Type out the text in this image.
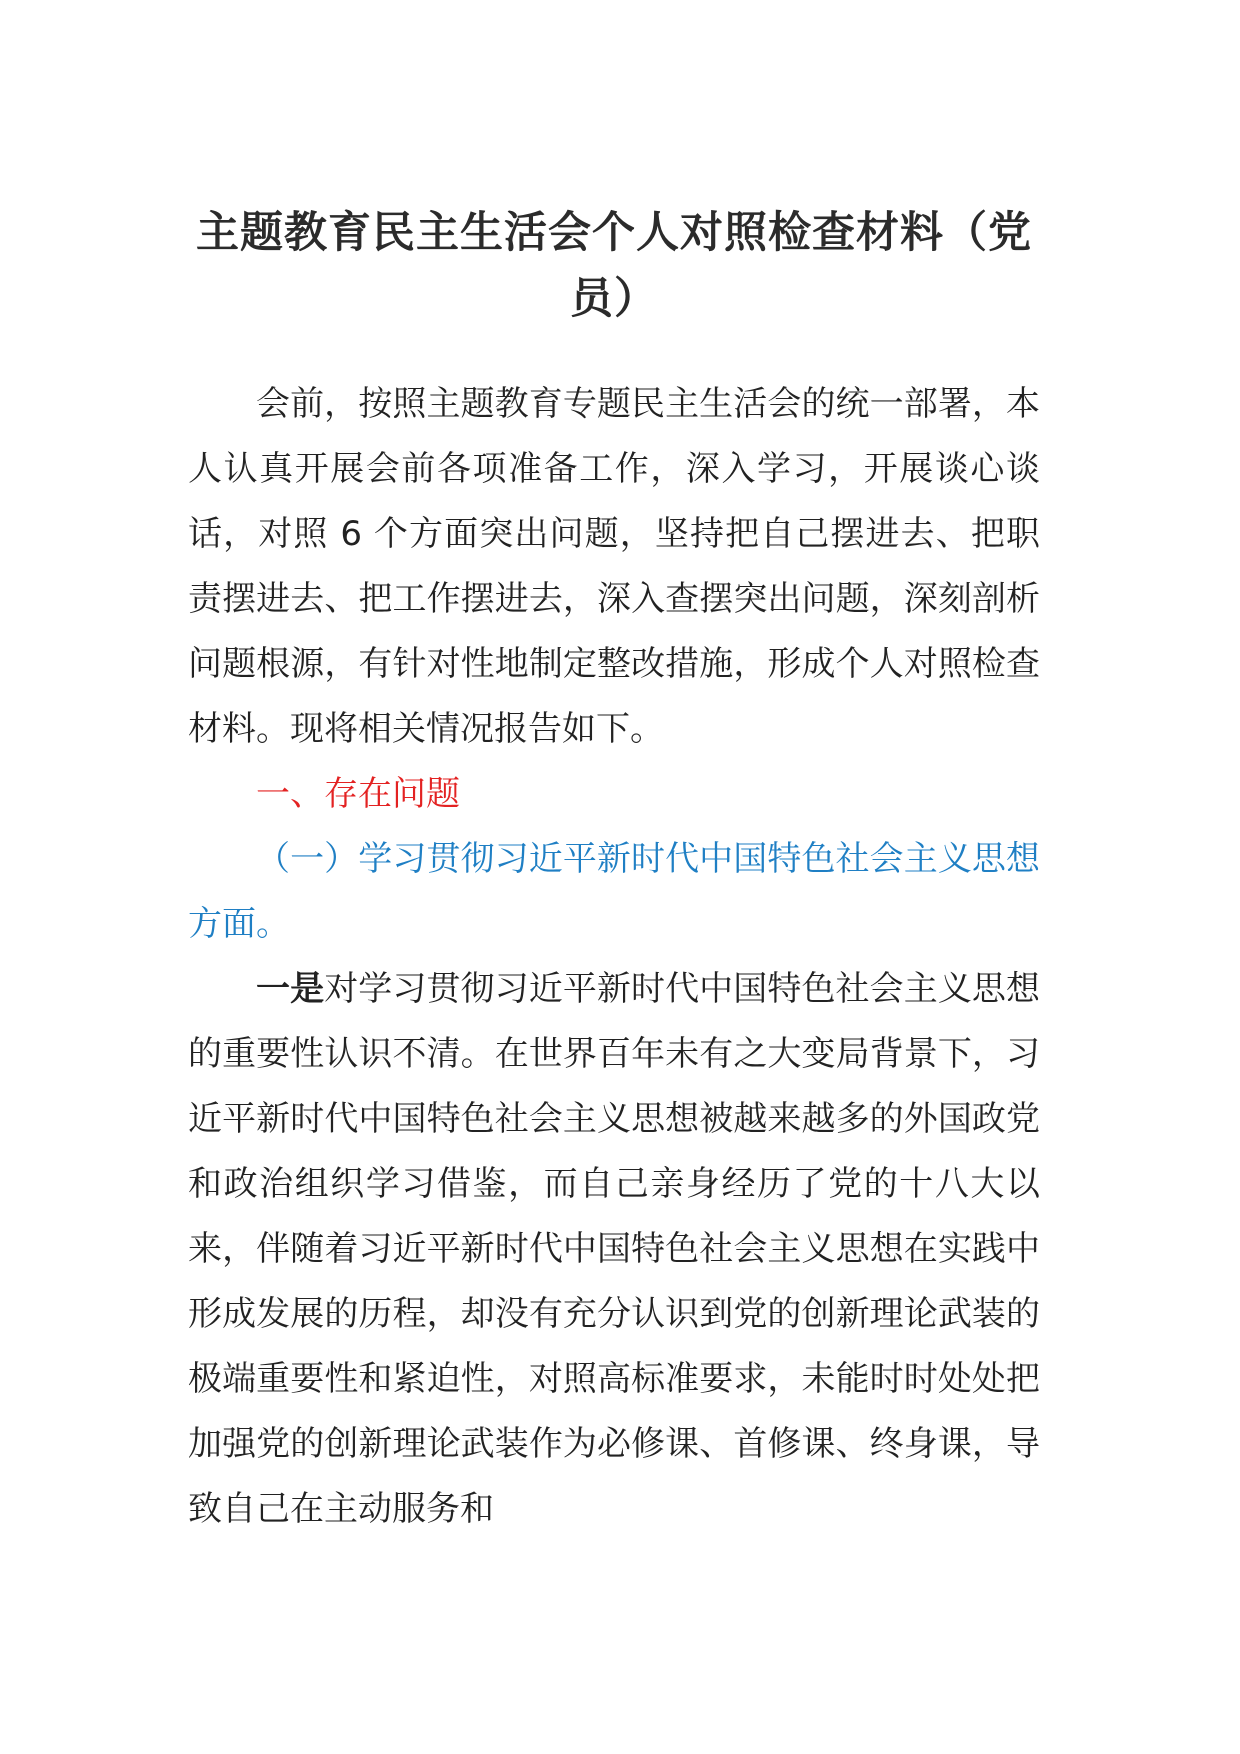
主题教育民主生活会个人对照检查材料（党
员）

会前，按照主题教育专题民主生活会的统一部署，本人认真开展会前各项准备工作，深入学习，开展谈心谈话，对照 6 个方面突出问题，坚持把自己摆进去、把职责摆进去、把工作摆进去，深入查摆突出问题，深刻剖析问题根源，有针对性地制定整改措施，形成个人对照检查材料。现将相关情况报告如下。

一、存在问题

（一）学习贯彻习近平新时代中国特色社会主义思想方面。

一是对学习贯彻习近平新时代中国特色社会主义思想的重要性认识不清。在世界百年未有之大变局背景下，习近平新时代中国特色社会主义思想被越来越多的外国政党和政治组织学习借鉴，而自己亲身经历了党的十八大以来，伴随着习近平新时代中国特色社会主义思想在实践中形成发展的历程，却没有充分认识到党的创新理论武装的极端重要性和紧迫性，对照高标准要求，未能时时处处把加强党的创新理论武装作为必修课、首修课、终身课，导致自己在主动服务和
